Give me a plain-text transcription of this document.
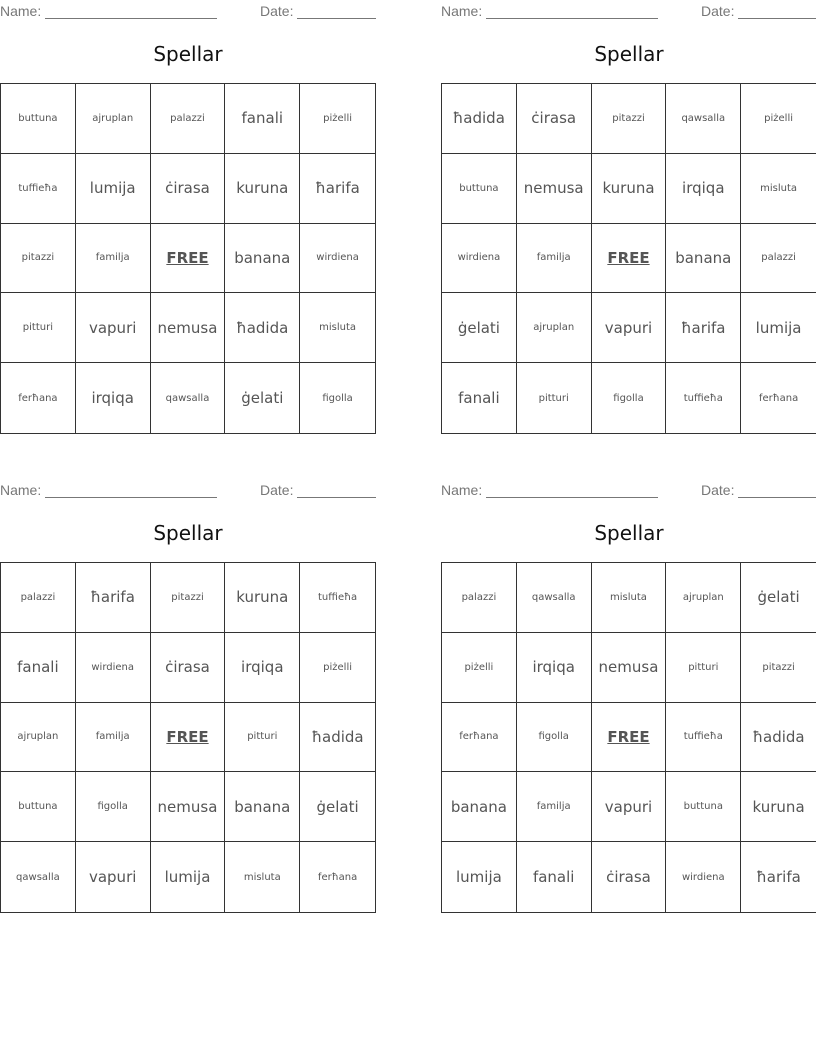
Name:	Date:
Spellar
buttuna	ajruplan	palazzi	fanali	piżelli
tuffieħa	lumija	ċirasa	kuruna	ħarifa
pitazzi	familja	FREE	banana	wirdiena
pitturi	vapuri	nemusa	ħadida	misluta
ferħana	irqiqa	qawsalla	ġelati	figolla
Name:	Date:
Spellar
ħadida	ċirasa	pitazzi	qawsalla	piżelli
buttuna	nemusa	kuruna	irqiqa	misluta
wirdiena	familja	FREE	banana	palazzi
ġelati	ajruplan	vapuri	ħarifa	lumija
fanali	pitturi	figolla	tuffieħa	ferħana
Name:	Date:
Spellar
palazzi	ħarifa	pitazzi	kuruna	tuffieħa
fanali	wirdiena	ċirasa	irqiqa	piżelli
ajruplan	familja	FREE	pitturi	ħadida
buttuna	figolla	nemusa	banana	ġelati
qawsalla	vapuri	lumija	misluta	ferħana
Name:	Date:
Spellar
palazzi	qawsalla	misluta	ajruplan	ġelati
piżelli	irqiqa	nemusa	pitturi	pitazzi
ferħana	figolla	FREE	tuffieħa	ħadida
banana	familja	vapuri	buttuna	kuruna
lumija	fanali	ċirasa	wirdiena	ħarifa
